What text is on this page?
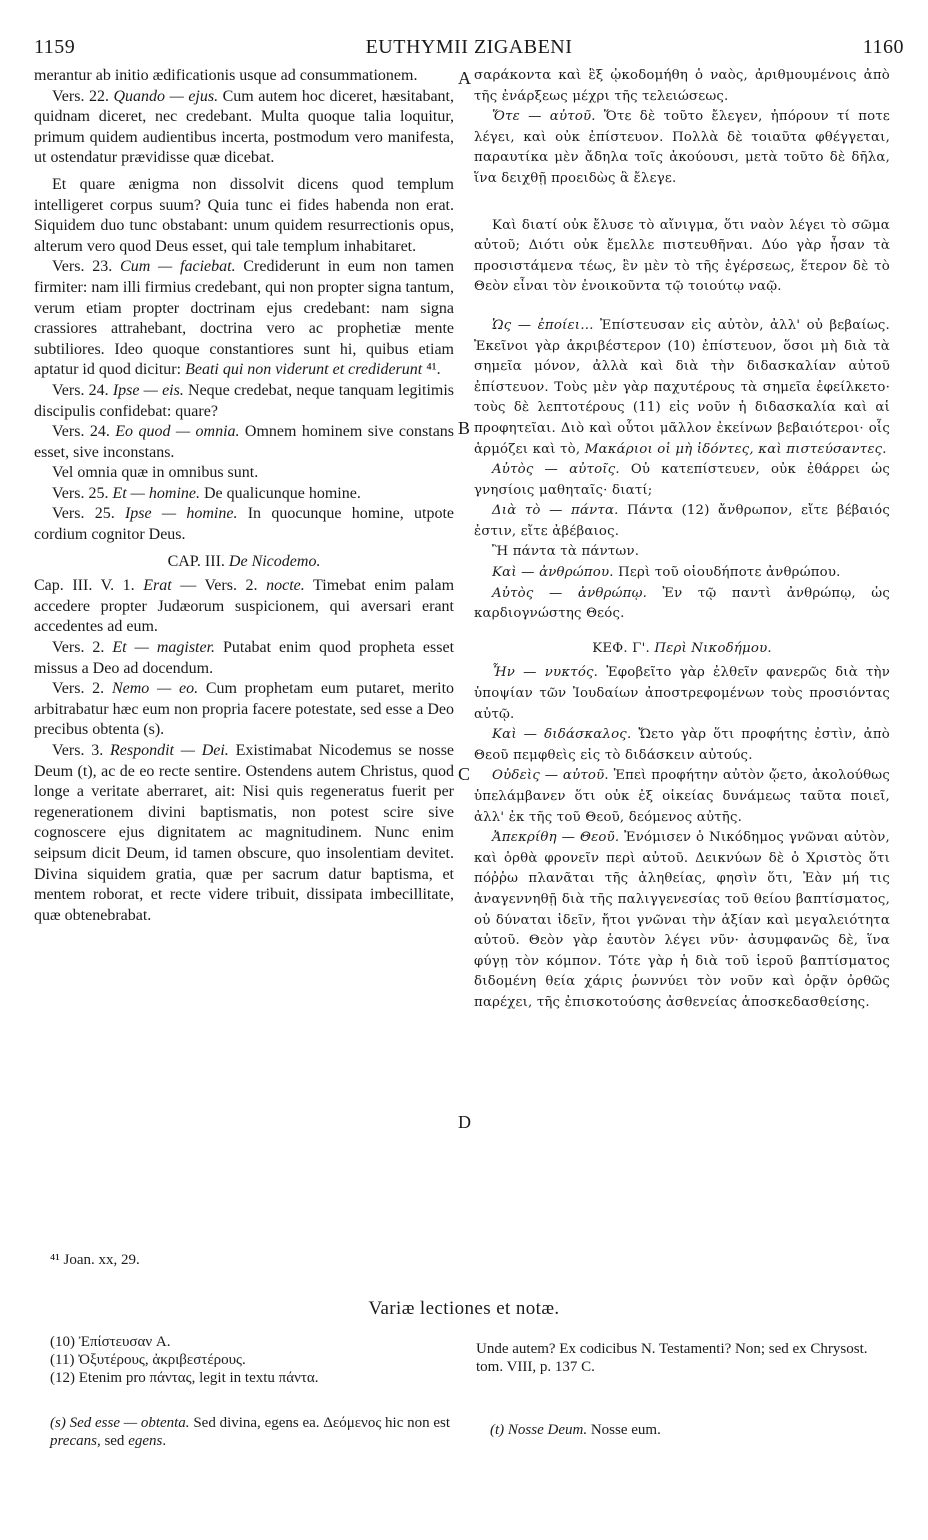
1159	EUTHYMII ZIGABENI	1160
A
B
C
D

merantur ab initio ædificationis usque ad consummationem.

Vers. 22. Quando — ejus. Cum autem hoc diceret, hæsitabant, quidnam diceret, nec credebant. Multa quoque talia loquitur, primum quidem audientibus incerta, postmodum vero manifesta, ut ostendatur prævidisse quæ dicebat.

Et quare ænigma non dissolvit dicens quod templum intelligeret corpus suum? Quia tunc ei fides habenda non erat. Siquidem duo tunc obstabant: unum quidem resurrectionis opus, alterum vero quod Deus esset, qui tale templum inhabitaret.

Vers. 23. Cum — faciebat. Crediderunt in eum non tamen firmiter: nam illi firmius credebant, qui non propter signa tantum, verum etiam propter doctrinam ejus credebant: nam signa crassiores attrahebant, doctrina vero ac prophetiæ mente subtiliores. Ideo quoque constantiores sunt hi, quibus etiam aptatur id quod dicitur: Beati qui non viderunt et crediderunt ⁴¹.

Vers. 24. Ipse — eis. Neque credebat, neque tanquam legitimis discipulis confidebat: quare?

Vers. 24. Eo quod — omnia. Omnem hominem sive constans esset, sive inconstans.

Vel omnia quæ in omnibus sunt.

Vers. 25. Et — homine. De qualicunque homine.

Vers. 25. Ipse — homine. In quocunque homine, utpote cordium cognitor Deus.

CAP. III. De Nicodemo.

Cap. III. V. 1. Erat — Vers. 2. nocte. Timebat enim palam accedere propter Judæorum suspicionem, qui aversari erant accedentes ad eum.

Vers. 2. Et — magister. Putabat enim quod propheta esset missus a Deo ad docendum.

Vers. 2. Nemo — eo. Cum prophetam eum putaret, merito arbitrabatur hæc eum non propria facere potestate, sed esse a Deo precibus obtenta (s).

Vers. 3. Respondit — Dei. Existimabat Nicodemus se nosse Deum (t), ac de eo recte sentire. Ostendens autem Christus, quod longe a veritate aberraret, ait: Nisi quis regeneratus fuerit per regenerationem divini baptismatis, non potest scire sive cognoscere ejus dignitatem ac magnitudinem. Nunc enim seipsum dicit Deum, id tamen obscure, quo insolentiam devitet. Divina siquidem gratia, quæ per sacrum datur baptisma, et mentem roborat, et recte videre tribuit, dissipata imbecillitate, quæ obtenebrabat.

σαράκοντα καὶ ἓξ ᾠκοδομήθη ὁ ναὸς, ἀριθμουμένοις ἀπὸ τῆς ἐνάρξεως μέχρι τῆς τελειώσεως.

Ὅτε — αὐτοῦ. Ὅτε δὲ τοῦτο ἔλεγεν, ἠπόρουν τί ποτε λέγει, καὶ οὐκ ἐπίστευον. Πολλὰ δὲ τοιαῦτα φθέγγεται, παραυτίκα μὲν ἄδηλα τοῖς ἀκούουσι, μετὰ τοῦτο δὲ δῆλα, ἵνα δειχθῇ προειδὼς ἃ ἔλεγε.

Καὶ διατί οὐκ ἔλυσε τὸ αἴνιγμα, ὅτι ναὸν λέγει τὸ σῶμα αὐτοῦ; Διότι οὐκ ἔμελλε πιστευθῆναι. Δύο γὰρ ἦσαν τὰ προσιστάμενα τέως, ἓν μὲν τὸ τῆς ἐγέρσεως, ἕτερον δὲ τὸ Θεὸν εἶναι τὸν ἐνοικοῦντα τῷ τοιούτῳ ναῷ.

Ὡς — ἐποίει… Ἐπίστευσαν εἰς αὐτὸν, ἀλλ' οὐ βεβαίως. Ἐκεῖνοι γὰρ ἀκριβέστερον (10) ἐπίστευον, ὅσοι μὴ διὰ τὰ σημεῖα μόνον, ἀλλὰ καὶ διὰ τὴν διδασκαλίαν αὐτοῦ ἐπίστευον. Τοὺς μὲν γὰρ παχυτέρους τὰ σημεῖα ἐφείλκετο· τοὺς δὲ λεπτοτέρους (11) εἰς νοῦν ἡ διδασκαλία καὶ αἱ προφητεῖαι. Διὸ καὶ οὗτοι μᾶλλον ἐκείνων βεβαιότεροι· οἷς ἁρμόζει καὶ τὸ, Μακάριοι οἱ μὴ ἰδόντες, καὶ πιστεύσαντες.

Αὐτὸς — αὐτοῖς. Οὐ κατεπίστευεν, οὐκ ἐθάρρει ὡς γνησίοις μαθηταῖς· διατί;

Διὰ τὸ — πάντα. Πάντα (12) ἄνθρωπον, εἴτε βέβαιός ἐστιν, εἴτε ἀβέβαιος.

Ἢ πάντα τὰ πάντων.

Καὶ — ἀνθρώπου. Περὶ τοῦ οἱουδήποτε ἀνθρώπου.

Αὐτὸς — ἀνθρώπῳ. Ἐν τῷ παντὶ ἀνθρώπῳ, ὡς καρδιογνώστης Θεός.

ΚΕΦ. Γ'. Περὶ Νικοδήμου.

Ἦν — νυκτός. Ἐφοβεῖτο γὰρ ἐλθεῖν φανερῶς διὰ τὴν ὑποψίαν τῶν Ἰουδαίων ἀποστρεφομένων τοὺς προσιόντας αὐτῷ.

Καὶ — διδάσκαλος. Ὤετο γὰρ ὅτι προφήτης ἐστὶν, ἀπὸ Θεοῦ πεμφθεὶς εἰς τὸ διδάσκειν αὐτούς.

Οὐδεὶς — αὐτοῦ. Ἐπεὶ προφήτην αὐτὸν ᾤετο, ἀκολούθως ὑπελάμβανεν ὅτι οὐκ ἐξ οἰκείας δυνάμεως ταῦτα ποιεῖ, ἀλλ' ἐκ τῆς τοῦ Θεοῦ, δεόμενος αὐτῆς.

Ἀπεκρίθη — Θεοῦ. Ἐνόμισεν ὁ Νικόδημος γνῶναι αὐτὸν, καὶ ὀρθὰ φρονεῖν περὶ αὐτοῦ. Δεικνύων δὲ ὁ Χριστὸς ὅτι πόῤῥω πλανᾶται τῆς ἀληθείας, φησὶν ὅτι, Ἐὰν μή τις ἀναγεννηθῇ διὰ τῆς παλιγγενεσίας τοῦ θείου βαπτίσματος, οὐ δύναται ἰδεῖν, ἤτοι γνῶναι τὴν ἀξίαν καὶ μεγαλειότητα αὐτοῦ. Θεὸν γὰρ ἑαυτὸν λέγει νῦν· ἀσυμφανῶς δὲ, ἵνα φύγῃ τὸν κόμπον. Τότε γὰρ ἡ διὰ τοῦ ἱεροῦ βαπτίσματος διδομένη θεία χάρις ῥωννύει τὸν νοῦν καὶ ὁρᾷν ὀρθῶς παρέχει, τῆς ἐπισκοτούσης ἀσθενείας ἀποσκεδασθείσης.

⁴¹ Joan. xx, 29.
Variæ lectiones et notæ.

(10) Ἐπίστευσαν A.

(11) Ὀξυτέρους, ἀκριβεστέρους.

(12) Etenim pro πάντας, legit in textu πάντα.

Unde autem? Ex codicibus N. Testamenti? Non; sed ex Chrysost. tom. VIII, p. 137 C.

(s) Sed esse — obtenta. Sed divina, egens ea. Δεόμενος hic non est precans, sed egens.

(t) Nosse Deum. Nosse eum.
